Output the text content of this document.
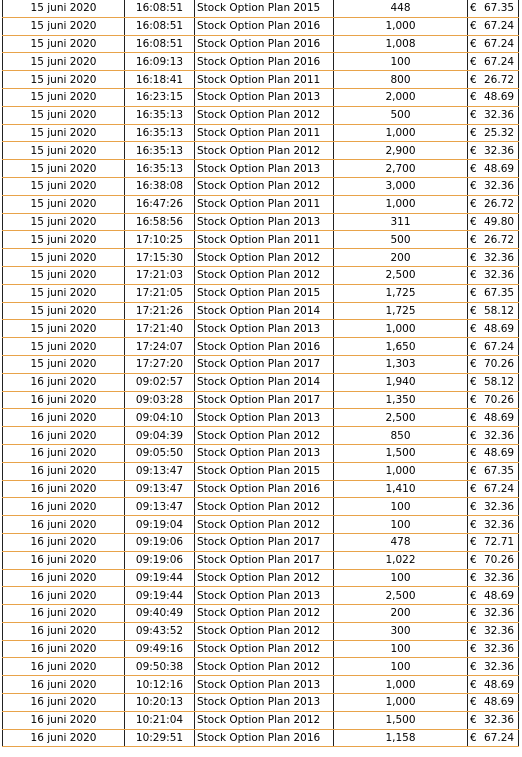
15 juni 2020	16:08:51	Stock Option Plan 2015	448	€ 67.35
15 juni 2020	16:08:51	Stock Option Plan 2016	1,000	€ 67.24
15 juni 2020	16:08:51	Stock Option Plan 2016	1,008	€ 67.24
15 juni 2020	16:09:13	Stock Option Plan 2016	100	€ 67.24
15 juni 2020	16:18:41	Stock Option Plan 2011	800	€ 26.72
15 juni 2020	16:23:15	Stock Option Plan 2013	2,000	€ 48.69
15 juni 2020	16:35:13	Stock Option Plan 2012	500	€ 32.36
15 juni 2020	16:35:13	Stock Option Plan 2011	1,000	€ 25.32
15 juni 2020	16:35:13	Stock Option Plan 2012	2,900	€ 32.36
15 juni 2020	16:35:13	Stock Option Plan 2013	2,700	€ 48.69
15 juni 2020	16:38:08	Stock Option Plan 2012	3,000	€ 32.36
15 juni 2020	16:47:26	Stock Option Plan 2011	1,000	€ 26.72
15 juni 2020	16:58:56	Stock Option Plan 2013	311	€ 49.80
15 juni 2020	17:10:25	Stock Option Plan 2011	500	€ 26.72
15 juni 2020	17:15:30	Stock Option Plan 2012	200	€ 32.36
15 juni 2020	17:21:03	Stock Option Plan 2012	2,500	€ 32.36
15 juni 2020	17:21:05	Stock Option Plan 2015	1,725	€ 67.35
15 juni 2020	17:21:26	Stock Option Plan 2014	1,725	€ 58.12
15 juni 2020	17:21:40	Stock Option Plan 2013	1,000	€ 48.69
15 juni 2020	17:24:07	Stock Option Plan 2016	1,650	€ 67.24
15 juni 2020	17:27:20	Stock Option Plan 2017	1,303	€ 70.26
16 juni 2020	09:02:57	Stock Option Plan 2014	1,940	€ 58.12
16 juni 2020	09:03:28	Stock Option Plan 2017	1,350	€ 70.26
16 juni 2020	09:04:10	Stock Option Plan 2013	2,500	€ 48.69
16 juni 2020	09:04:39	Stock Option Plan 2012	850	€ 32.36
16 juni 2020	09:05:50	Stock Option Plan 2013	1,500	€ 48.69
16 juni 2020	09:13:47	Stock Option Plan 2015	1,000	€ 67.35
16 juni 2020	09:13:47	Stock Option Plan 2016	1,410	€ 67.24
16 juni 2020	09:13:47	Stock Option Plan 2012	100	€ 32.36
16 juni 2020	09:19:04	Stock Option Plan 2012	100	€ 32.36
16 juni 2020	09:19:06	Stock Option Plan 2017	478	€ 72.71
16 juni 2020	09:19:06	Stock Option Plan 2017	1,022	€ 70.26
16 juni 2020	09:19:44	Stock Option Plan 2012	100	€ 32.36
16 juni 2020	09:19:44	Stock Option Plan 2013	2,500	€ 48.69
16 juni 2020	09:40:49	Stock Option Plan 2012	200	€ 32.36
16 juni 2020	09:43:52	Stock Option Plan 2012	300	€ 32.36
16 juni 2020	09:49:16	Stock Option Plan 2012	100	€ 32.36
16 juni 2020	09:50:38	Stock Option Plan 2012	100	€ 32.36
16 juni 2020	10:12:16	Stock Option Plan 2013	1,000	€ 48.69
16 juni 2020	10:20:13	Stock Option Plan 2013	1,000	€ 48.69
16 juni 2020	10:21:04	Stock Option Plan 2012	1,500	€ 32.36
16 juni 2020	10:29:51	Stock Option Plan 2016	1,158	€ 67.24
